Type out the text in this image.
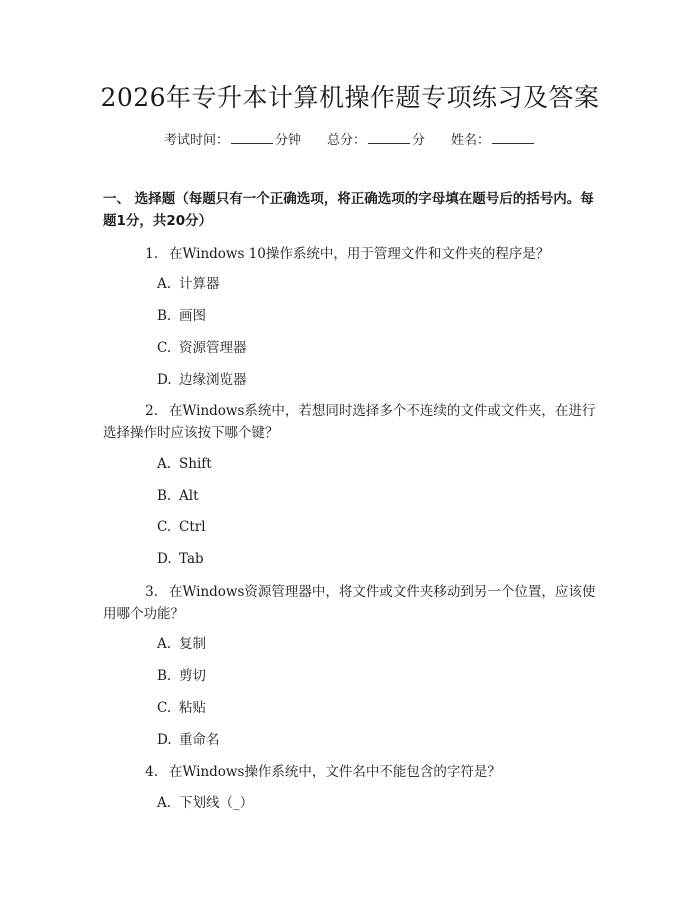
2026年专升本计算机操作题专项练习及答案
考试时间：	分钟 总分：	分 姓名：
一、 选择题（每题只有一个正确选项，将正确选项的字母填在题号后的括号内。每题1分，共20分）
1. 在Windows 10操作系统中，用于管理文件和文件夹的程序是？
A. 计算器
B. 画图
C. 资源管理器
D. 边缘浏览器
2. 在Windows系统中，若想同时选择多个不连续的文件或文件夹，在进行选择操作时应该按下哪个键？
A. Shift
B. Alt
C. Ctrl
D. Tab
3. 在Windows资源管理器中，将文件或文件夹移动到另一个位置，应该使用哪个功能？
A. 复制
B. 剪切
C. 粘贴
D. 重命名
4. 在Windows操作系统中，文件名中不能包含的字符是？
A. 下划线（_）
